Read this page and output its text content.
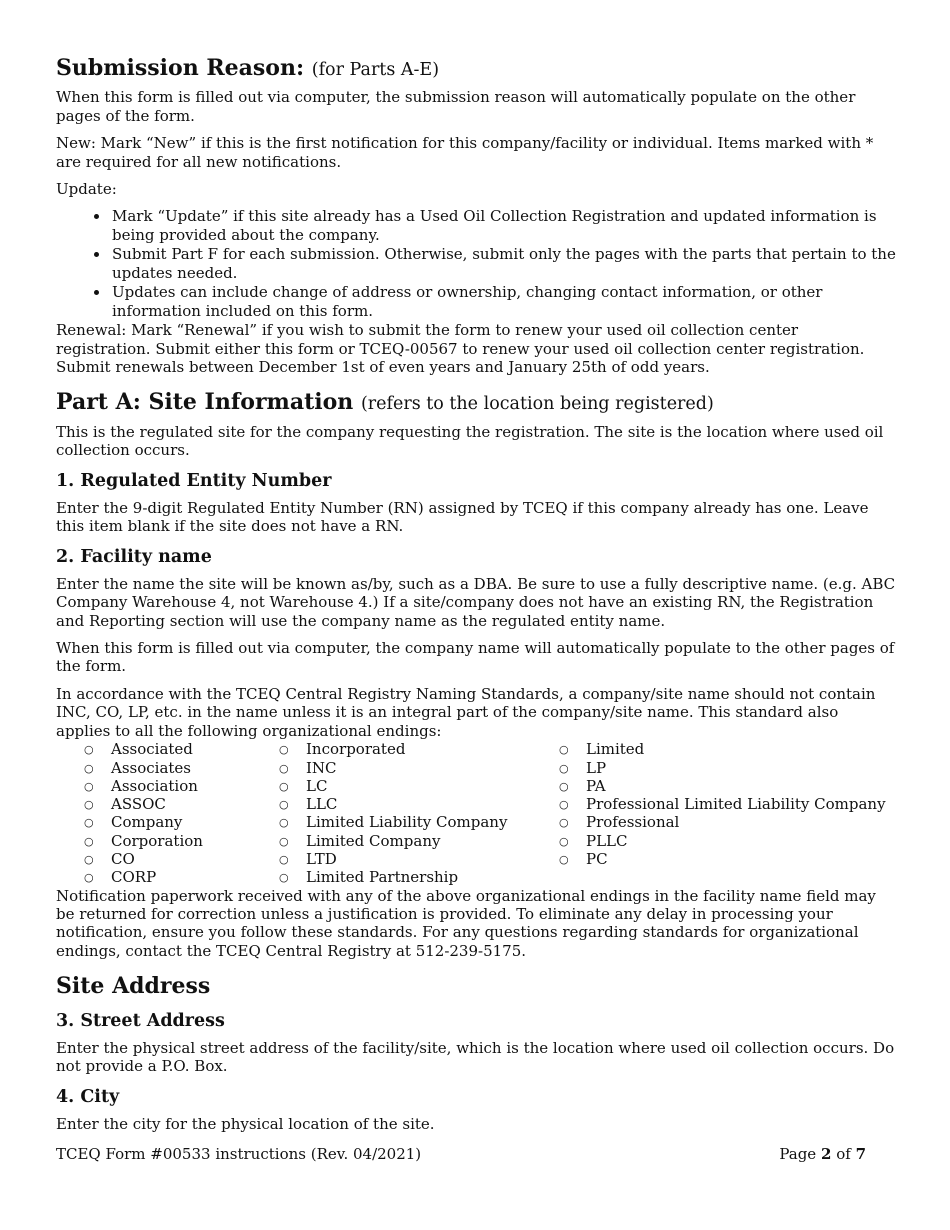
Submission Reason: (for Parts A-E)

When this form is filled out via computer, the submission reason will automatically populate on the other pages of the form.

New: Mark “New” if this is the first notification for this company/facility or individual. Items marked with * are required for all new notifications.

Update:

• Mark “Update” if this site already has a Used Oil Collection Registration and updated information is being provided about the company.
• Submit Part F for each submission. Otherwise, submit only the pages with the parts that pertain to the updates needed.
• Updates can include change of address or ownership, changing contact information, or other information included on this form.

Renewal: Mark “Renewal” if you wish to submit the form to renew your used oil collection center registration. Submit either this form or TCEQ-00567 to renew your used oil collection center registration. Submit renewals between December 1st of even years and January 25th of odd years.

Part A: Site Information (refers to the location being registered)

This is the regulated site for the company requesting the registration. The site is the location where used oil collection occurs.

1. Regulated Entity Number

Enter the 9-digit Regulated Entity Number (RN) assigned by TCEQ if this company already has one. Leave this item blank if the site does not have a RN.

2. Facility name

Enter the name the site will be known as/by, such as a DBA. Be sure to use a fully descriptive name. (e.g. ABC Company Warehouse 4, not Warehouse 4.) If a site/company does not have an existing RN, the Registration and Reporting section will use the company name as the regulated entity name.

When this form is filled out via computer, the company name will automatically populate to the other pages of the form.

In accordance with the TCEQ Central Registry Naming Standards, a company/site name should not contain INC, CO, LP, etc. in the name unless it is an integral part of the company/site name. This standard also applies to all the following organizational endings:

○ Associated
○ Associates
○ Association
○ ASSOC
○ Company
○ Corporation
○ CO
○ CORP
○ Incorporated
○ INC
○ LC
○ LLC
○ Limited Liability Company
○ Limited Company
○ LTD
○ Limited Partnership
○ Limited
○ LP
○ PA
○ Professional Limited Liability Company
○ Professional
○ PLLC
○ PC

Notification paperwork received with any of the above organizational endings in the facility name field may be returned for correction unless a justification is provided. To eliminate any delay in processing your notification, ensure you follow these standards. For any questions regarding standards for organizational endings, contact the TCEQ Central Registry at 512-239-5175.

Site Address
3. Street Address

Enter the physical street address of the facility/site, which is the location where used oil collection occurs. Do not provide a P.O. Box.

4. City

Enter the city for the physical location of the site.

TCEQ Form #00533 instructions (Rev. 04/2021)	Page 2 of 7
